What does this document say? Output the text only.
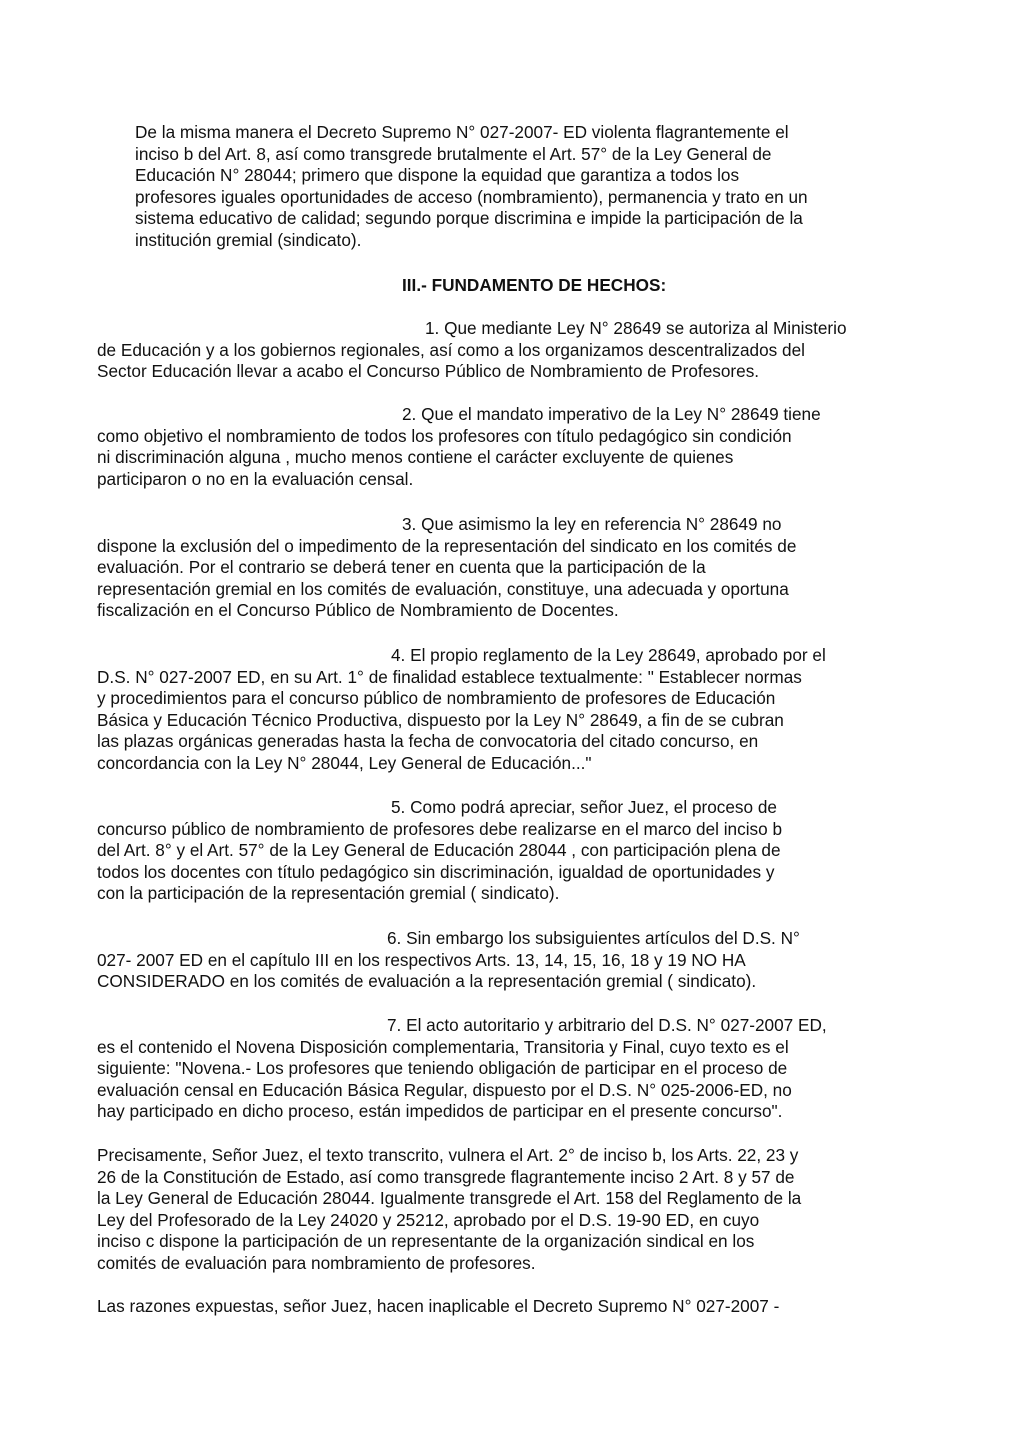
De la misma manera el Decreto Supremo N° 027-2007- ED violenta flagrantemente el
inciso b del Art. 8, así como transgrede brutalmente el Art. 57° de la Ley General de
Educación N° 28044; primero que dispone la equidad que garantiza a todos los
profesores iguales oportunidades de acceso (nombramiento), permanencia y trato en un
sistema educativo de calidad; segundo porque discrimina e impide la participación de la
institución gremial (sindicato).
III.- FUNDAMENTO DE HECHOS:
1. Que mediante Ley N° 28649 se autoriza al Ministerio
de Educación y a los gobiernos regionales, así como a los organizamos descentralizados del
Sector Educación llevar a acabo el Concurso Público de Nombramiento de Profesores.
2. Que el mandato imperativo de la Ley N° 28649 tiene
como objetivo el nombramiento de todos los profesores con título pedagógico sin condición
ni discriminación alguna , mucho menos contiene el carácter excluyente de quienes
participaron o no en la evaluación censal.
3. Que asimismo la ley en referencia N° 28649 no
dispone la exclusión del o impedimento de la representación del sindicato en los comités de
evaluación. Por el contrario se deberá tener en cuenta que la participación de la
representación gremial en los comités de evaluación, constituye, una adecuada y oportuna
fiscalización en el Concurso Público de Nombramiento de Docentes.
4. El propio reglamento de la Ley 28649, aprobado por el
D.S. N° 027-2007 ED, en su Art. 1° de finalidad establece textualmente: " Establecer normas
y procedimientos para el concurso público de nombramiento de profesores de Educación
Básica y Educación Técnico Productiva, dispuesto por la Ley N° 28649, a fin de se cubran
las plazas orgánicas generadas hasta la fecha de convocatoria del citado concurso, en
concordancia con la Ley N° 28044, Ley General de Educación..."
5. Como podrá apreciar, señor Juez, el proceso de
concurso público de nombramiento de profesores debe realizarse en el marco del inciso b
del Art. 8° y el Art. 57° de la Ley General de Educación 28044 , con participación plena de
todos los docentes con título pedagógico sin discriminación, igualdad de oportunidades y
con la participación de la representación gremial ( sindicato).
6. Sin embargo los subsiguientes artículos del D.S. N°
027- 2007 ED en el capítulo III en los respectivos Arts. 13, 14, 15, 16, 18 y 19 NO HA
CONSIDERADO en los comités de evaluación a la representación gremial ( sindicato).
7. El acto autoritario y arbitrario del D.S. N° 027-2007 ED,
es el contenido el Novena Disposición complementaria, Transitoria y Final, cuyo texto es el
siguiente: "Novena.- Los profesores que teniendo obligación de participar en el proceso de
evaluación censal en Educación Básica Regular, dispuesto por el D.S. N° 025-2006-ED, no
hay participado en dicho proceso, están impedidos de participar en el presente concurso".
Precisamente, Señor Juez, el texto transcrito, vulnera el Art. 2° de inciso b, los Arts. 22, 23 y
26 de la Constitución de Estado, así como transgrede flagrantemente inciso 2 Art. 8 y 57 de
la Ley General de Educación 28044. Igualmente transgrede el Art. 158 del Reglamento de la
Ley del Profesorado de la Ley 24020 y 25212, aprobado por el D.S. 19-90 ED, en cuyo
inciso c dispone la participación de un representante de la organización sindical en los
comités de evaluación para nombramiento de profesores.
Las razones expuestas, señor Juez, hacen inaplicable el Decreto Supremo N° 027-2007 -
